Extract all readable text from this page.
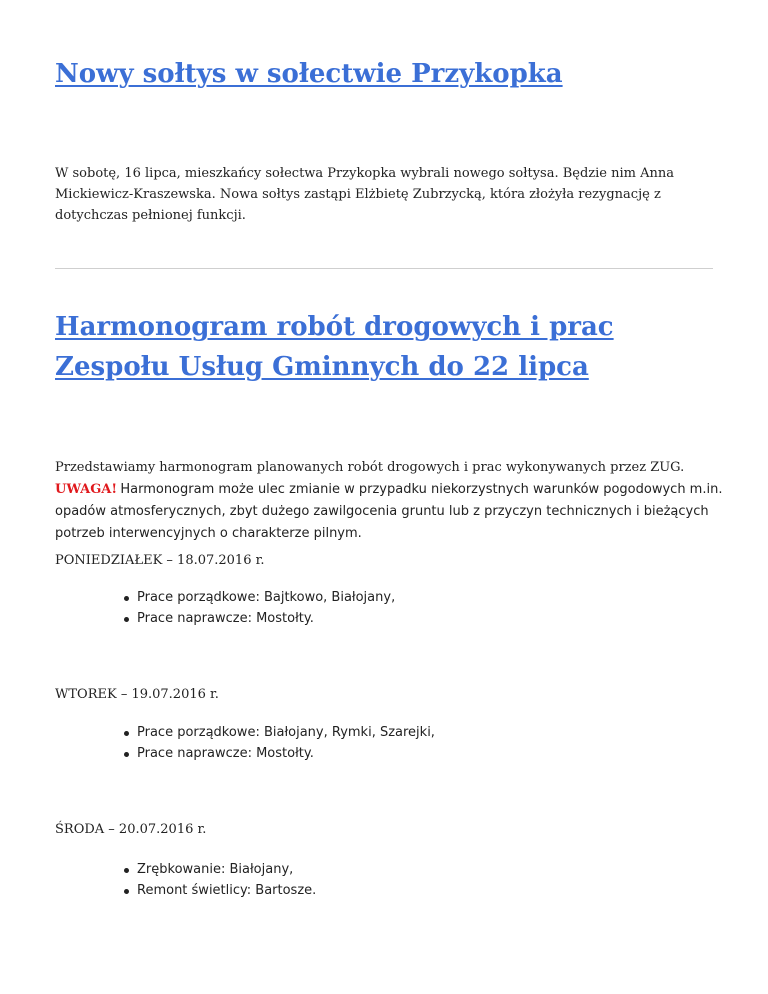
Nowy sołtys w sołectwie Przykopka

W sobotę, 16 lipca, mieszkańcy sołectwa Przykopka wybrali nowego sołtysa. Będzie nim Anna Mickiewicz-Kraszewska. Nowa sołtys zastąpi Elżbietę Zubrzycką, która złożyła rezygnację z dotychczas pełnionej funkcji.

Harmonogram robót drogowych i prac Zespołu Usług Gminnych do 22 lipca

Przedstawiamy harmonogram planowanych robót drogowych i prac wykonywanych przez ZUG. UWAGA! Harmonogram może ulec zmianie w przypadku niekorzystnych warunków pogodowych m.in. opadów atmosferycznych, zbyt dużego zawilgocenia gruntu lub z przyczyn technicznych i bieżących potrzeb interwencyjnych o charakterze pilnym.

PONIEDZIAŁEK – 18.07.2016 r.

Prace porządkowe: Bajtkowo, Białojany,
Prace naprawcze: Mostołty.

WTOREK – 19.07.2016 r.

Prace porządkowe: Białojany, Rymki, Szarejki,
Prace naprawcze: Mostołty.

ŚRODA – 20.07.2016 r.

Zrębkowanie: Białojany,
Remont świetlicy: Bartosze.
